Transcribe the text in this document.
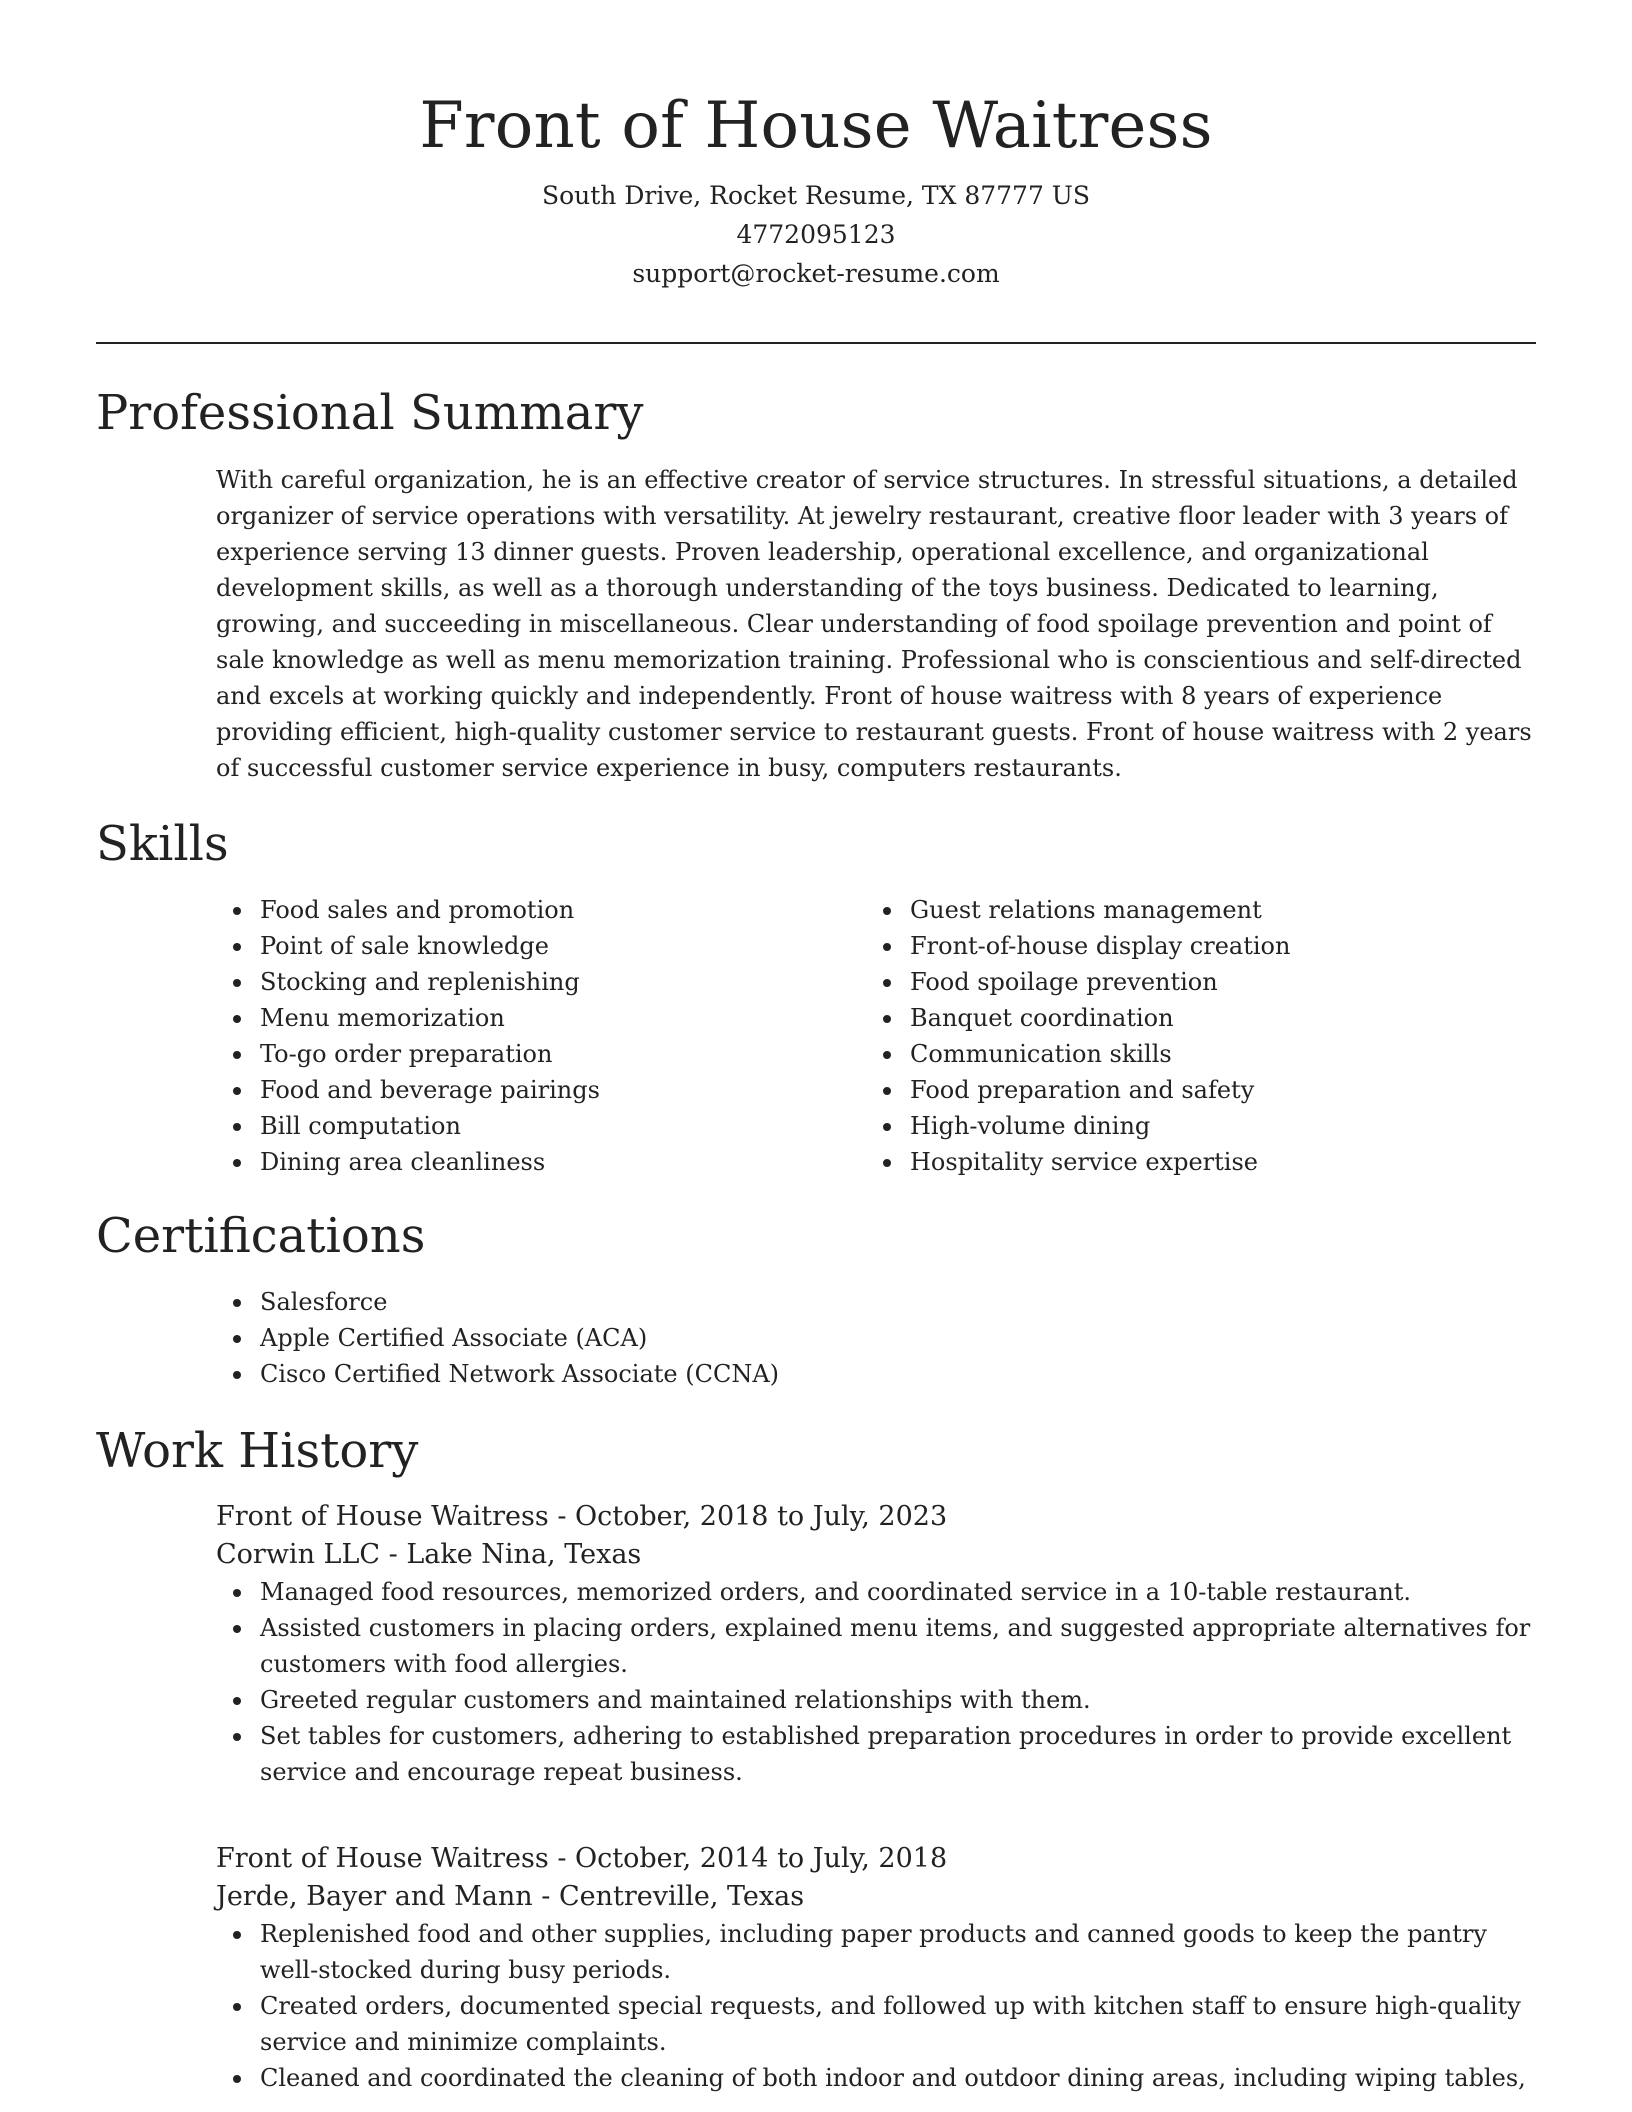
Front of House Waitress

South Drive, Rocket Resume, TX 87777 US

4772095123

support@rocket-resume.com

Professional Summary

With careful organization, he is an effective creator of service structures. In stressful situations, a detailed organizer of service operations with versatility. At jewelry restaurant, creative floor leader with 3 years of experience serving 13 dinner guests. Proven leadership, operational excellence, and organizational development skills, as well as a thorough understanding of the toys business. Dedicated to learning, growing, and succeeding in miscellaneous. Clear understanding of food spoilage prevention and point of sale knowledge as well as menu memorization training. Professional who is conscientious and self-directed and excels at working quickly and independently. Front of house waitress with 8 years of experience providing efficient, high-quality customer service to restaurant guests. Front of house waitress with 2 years of successful customer service experience in busy, computers restaurants.

Skills
Food sales and promotion
Point of sale knowledge
Stocking and replenishing
Menu memorization
To-go order preparation
Food and beverage pairings
Bill computation
Dining area cleanliness
Guest relations management
Front-of-house display creation
Food spoilage prevention
Banquet coordination
Communication skills
Food preparation and safety
High-volume dining
Hospitality service expertise
Certifications
Salesforce
Apple Certified Associate (ACA)
Cisco Certified Network Associate (CCNA)
Work History

Front of House Waitress - October, 2018 to July, 2023

Corwin LLC - Lake Nina, Texas

Managed food resources, memorized orders, and coordinated service in a 10-table restaurant.
Assisted customers in placing orders, explained menu items, and suggested appropriate alternatives for customers with food allergies.
Greeted regular customers and maintained relationships with them.
Set tables for customers, adhering to established preparation procedures in order to provide excellent service and encourage repeat business.

Front of House Waitress - October, 2014 to July, 2018

Jerde, Bayer and Mann - Centreville, Texas

Replenished food and other supplies, including paper products and canned goods to keep the pantry well-stocked during busy periods.
Created orders, documented special requests, and followed up with kitchen staff to ensure high-quality service and minimize complaints.
Cleaned and coordinated the cleaning of both indoor and outdoor dining areas, including wiping tables,
